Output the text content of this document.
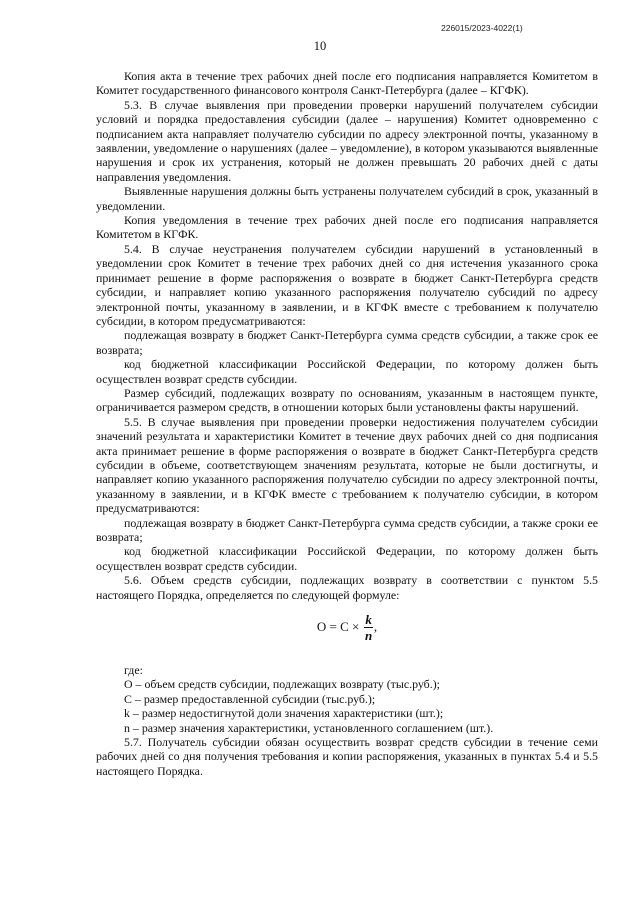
226015/2023-4022(1)
10

Копия акта в течение трех рабочих дней после его подписания направляется Комитетом в Комитет государственного финансового контроля Санкт-Петербурга (далее – КГФК).

5.3. В случае выявления при проведении проверки нарушений получателем субсидии условий и порядка предоставления субсидии (далее – нарушения) Комитет одновременно с подписанием акта направляет получателю субсидии по адресу электронной почты, указанному в заявлении, уведомление о нарушениях (далее – уведомление), в котором указываются выявленные нарушения и срок их устранения, который не должен превышать 20 рабочих дней с даты направления уведомления.

Выявленные нарушения должны быть устранены получателем субсидий в срок, указанный в уведомлении.

Копия уведомления в течение трех рабочих дней после его подписания направляется Комитетом в КГФК.

5.4. В случае неустранения получателем субсидии нарушений в установленный в уведомлении срок Комитет в течение трех рабочих дней со дня истечения указанного срока принимает решение в форме распоряжения о возврате в бюджет Санкт-Петербурга средств субсидии, и направляет копию указанного распоряжения получателю субсидий по адресу электронной почты, указанному в заявлении, и в КГФК вместе с требованием к получателю субсидии, в котором предусматриваются:

подлежащая возврату в бюджет Санкт-Петербурга сумма средств субсидии, а также срок ее возврата;

код бюджетной классификации Российской Федерации, по которому должен быть осуществлен возврат средств субсидии.

Размер субсидий, подлежащих возврату по основаниям, указанным в настоящем пункте, ограничивается размером средств, в отношении которых были установлены факты нарушений.

5.5. В случае выявления при проведении проверки недостижения получателем субсидии значений результата и характеристики Комитет в течение двух рабочих дней со дня подписания акта принимает решение в форме распоряжения о возврате в бюджет Санкт-Петербурга средств субсидии в объеме, соответствующем значениям результата, которые не были достигнуты, и направляет копию указанного распоряжения получателю субсидии по адресу электронной почты, указанному в заявлении, и в КГФК вместе с требованием к получателю субсидии, в котором предусматриваются:

подлежащая возврату в бюджет Санкт-Петербурга сумма средств субсидии, а также сроки ее возврата;

код бюджетной классификации Российской Федерации, по которому должен быть осуществлен возврат средств субсидии.

5.6. Объем средств субсидии, подлежащих возврату в соответствии с пунктом 5.5 настоящего Порядка, определяется по следующей формуле:

$O = C \times \frac{k}{n}$ ,
где:
O – объем средств субсидии, подлежащих возврату (тыс.руб.);
C – размер предоставленной субсидии (тыс.руб.);
k – размер недостигнутой доли значения характеристики (шт.);
n – размер значения характеристики, установленного соглашением (шт.).

5.7. Получатель субсидии обязан осуществить возврат средств субсидии в течение семи рабочих дней со дня получения требования и копии распоряжения, указанных в пунктах 5.4 и 5.5 настоящего Порядка.
